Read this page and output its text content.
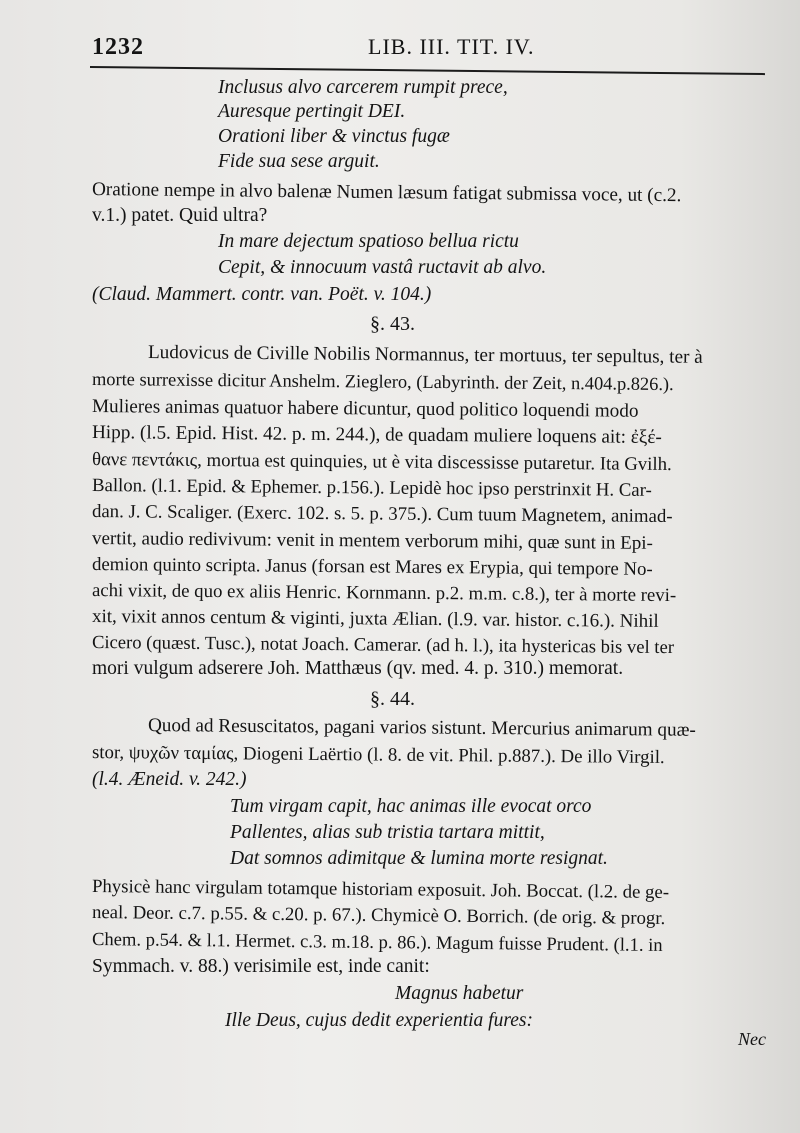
1232	LIB. III. TIT. IV.
Inclusus alvo carcerem rumpit prece,
Auresque pertingit DEI.
Orationi liber & vinctus fugæ
Fide sua sese arguit.
Oratione nempe in alvo balenæ Numen læsum fatigat submissa voce, ut (c.2.
v.1.) patet. Quid ultra?
In mare dejectum spatioso bellua rictu
Cepit, & innocuum vastâ ructavit ab alvo.
(Claud. Mammert. contr. van. Poët. v. 104.)
§. 43.
Ludovicus de Civille Nobilis Normannus, ter mortuus, ter sepultus, ter à
morte surrexisse dicitur Anshelm. Zieglero, (Labyrinth. der Zeit, n.404.p.826.).
Mulieres animas quatuor habere dicuntur, quod politico loquendi modo
Hipp. (l.5. Epid. Hist. 42. p. m. 244.), de quadam muliere loquens ait: ἐξέ-
θανε πεντάκις, mortua est quinquies, ut è vita discessisse putaretur. Ita Gvilh.
Ballon. (l.1. Epid. & Ephemer. p.156.). Lepidè hoc ipso perstrinxit H. Car-
dan. J. C. Scaliger. (Exerc. 102. s. 5. p. 375.). Cum tuum Magnetem, animad-
vertit, audio redivivum: venit in mentem verborum mihi, quæ sunt in Epi-
demion quinto scripta. Janus (forsan est Mares ex Erypia, qui tempore No-
achi vixit, de quo ex aliis Henric. Kornmann. p.2. m.m. c.8.), ter à morte revi-
xit, vixit annos centum & viginti, juxta Ælian. (l.9. var. histor. c.16.). Nihil
Cicero (quæst. Tusc.), notat Joach. Camerar. (ad h. l.), ita hystericas bis vel ter
mori vulgum adserere Joh. Matthæus (qv. med. 4. p. 310.) memorat.
§. 44.
Quod ad Resuscitatos, pagani varios sistunt. Mercurius animarum quæ-
stor, ψυχῶν ταμίας, Diogeni Laërtio (l. 8. de vit. Phil. p.887.). De illo Virgil.
(l.4. Æneid. v. 242.)
Tum virgam capit, hac animas ille evocat orco
Pallentes, alias sub tristia tartara mittit,
Dat somnos adimitque & lumina morte resignat.
Physicè hanc virgulam totamque historiam exposuit. Joh. Boccat. (l.2. de ge-
neal. Deor. c.7. p.55. & c.20. p. 67.). Chymicè O. Borrich. (de orig. & progr.
Chem. p.54. & l.1. Hermet. c.3. m.18. p. 86.). Magum fuisse Prudent. (l.1. in
Symmach. v. 88.) verisimile est, inde canit:
Magnus habetur
Ille Deus, cujus dedit experientia fures:
Nec
